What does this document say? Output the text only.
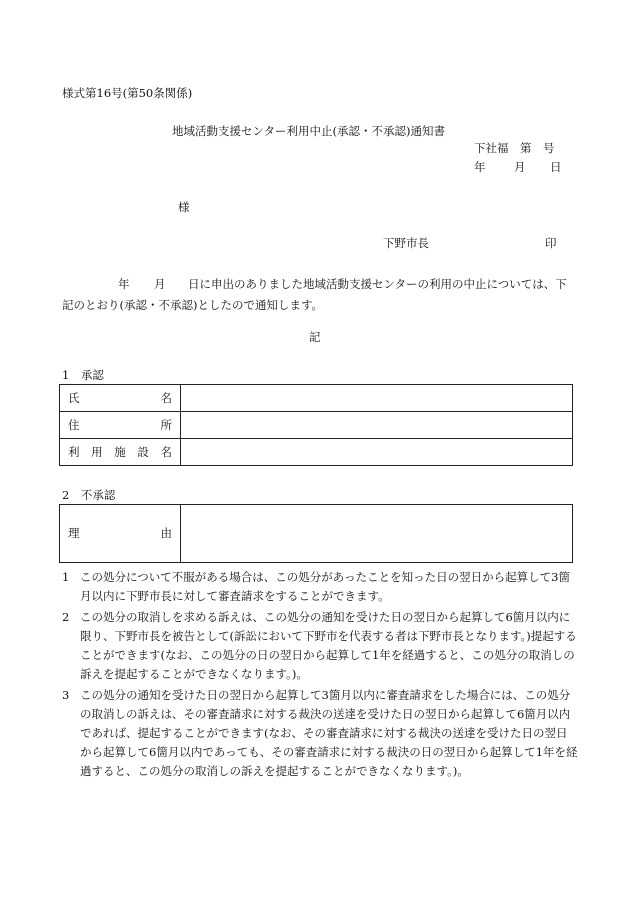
様式第16号(第50条関係)
地域活動支援センター利用中止(承認・不承認)通知書
下社福　第　号
年 月 日
様
下野市長	印
年 月 日に申出のありました地域活動支援センターの利用の中止については、下記のとおり(承認・不承認)としたので通知します。
記
1　承認
氏 名	

住 所	

利 用 施 設 名	

2　不承認
理	由

1 この処分について不服がある場合は、この処分があったことを知った日の翌日から起算して3箇月以内に下野市長に対して審査請求をすることができます。
2 この処分の取消しを求める訴えは、この処分の通知を受けた日の翌日から起算して6箇月以内に限り、下野市長を被告として(訴訟において下野市を代表する者は下野市長となります。)提起することができます(なお、この処分の日の翌日から起算して1年を経過すると、この処分の取消しの訴えを提起することができなくなります。)。
3 この処分の通知を受けた日の翌日から起算して3箇月以内に審査請求をした場合には、この処分の取消しの訴えは、その審査請求に対する裁決の送達を受けた日の翌日から起算して6箇月以内であれば、提起することができます(なお、その審査請求に対する裁決の送達を受けた日の翌日から起算して6箇月以内であっても、その審査請求に対する裁決の日の翌日から起算して1年を経過すると、この処分の取消しの訴えを提起することができなくなります。)。
